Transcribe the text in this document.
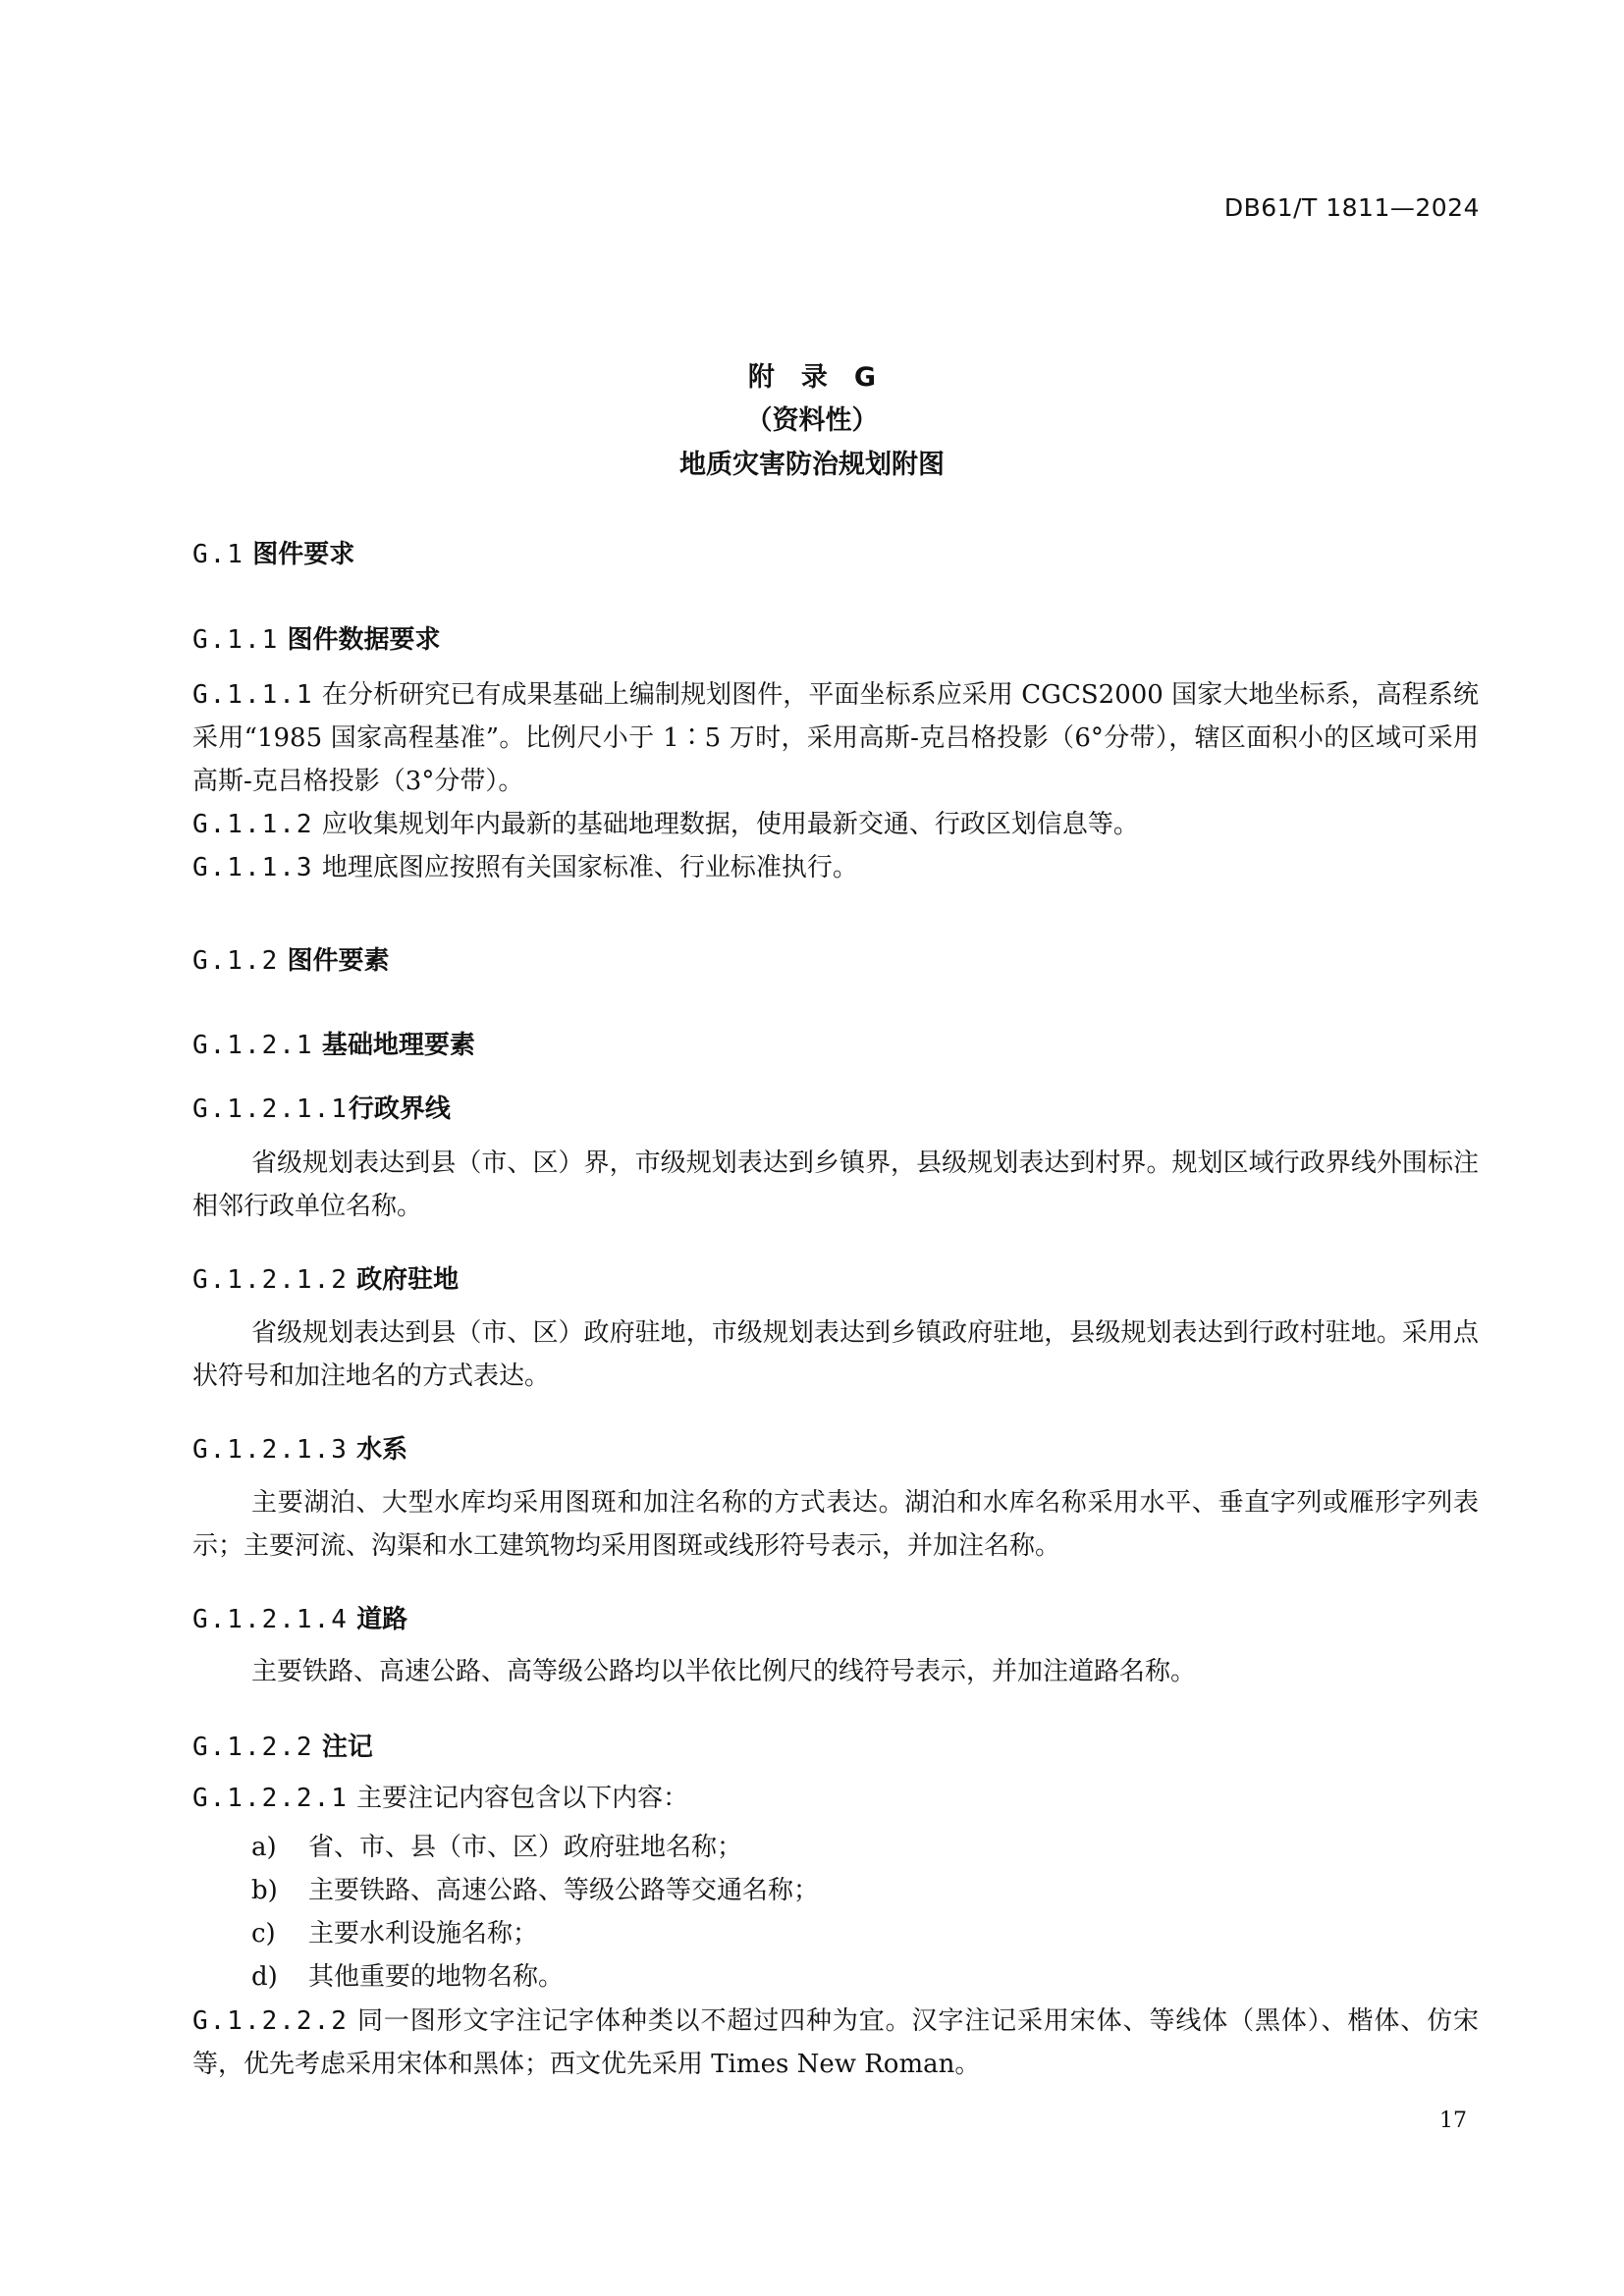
DB61/T 1811—2024
附　录　G
（资料性）
地质灾害防治规划附图
G.1 图件要求
G.1.1 图件数据要求
G.1.1.1 在分析研究已有成果基础上编制规划图件，平面坐标系应采用 CGCS2000 国家大地坐标系，高程系统采用“1985 国家高程基准”。比例尺小于 1∶5 万时，采用高斯-克吕格投影（6°分带），辖区面积小的区域可采用高斯-克吕格投影（3°分带）。
G.1.1.2 应收集规划年内最新的基础地理数据，使用最新交通、行政区划信息等。
G.1.1.3 地理底图应按照有关国家标准、行业标准执行。
G.1.2 图件要素
G.1.2.1 基础地理要素
G.1.2.1.1行政界线
省级规划表达到县（市、区）界，市级规划表达到乡镇界，县级规划表达到村界。规划区域行政界线外围标注相邻行政单位名称。
G.1.2.1.2 政府驻地
省级规划表达到县（市、区）政府驻地，市级规划表达到乡镇政府驻地，县级规划表达到行政村驻地。采用点状符号和加注地名的方式表达。
G.1.2.1.3 水系
主要湖泊、大型水库均采用图斑和加注名称的方式表达。湖泊和水库名称采用水平、垂直字列或雁形字列表示；主要河流、沟渠和水工建筑物均采用图斑或线形符号表示，并加注名称。
G.1.2.1.4 道路
主要铁路、高速公路、高等级公路均以半依比例尺的线符号表示，并加注道路名称。
G.1.2.2 注记
G.1.2.2.1 主要注记内容包含以下内容：
a) 省、市、县（市、区）政府驻地名称；
b) 主要铁路、高速公路、等级公路等交通名称；
c) 主要水利设施名称；
d) 其他重要的地物名称。
G.1.2.2.2 同一图形文字注记字体种类以不超过四种为宜。汉字注记采用宋体、等线体（黑体）、楷体、仿宋等，优先考虑采用宋体和黑体；西文优先采用 Times New Roman。
17
